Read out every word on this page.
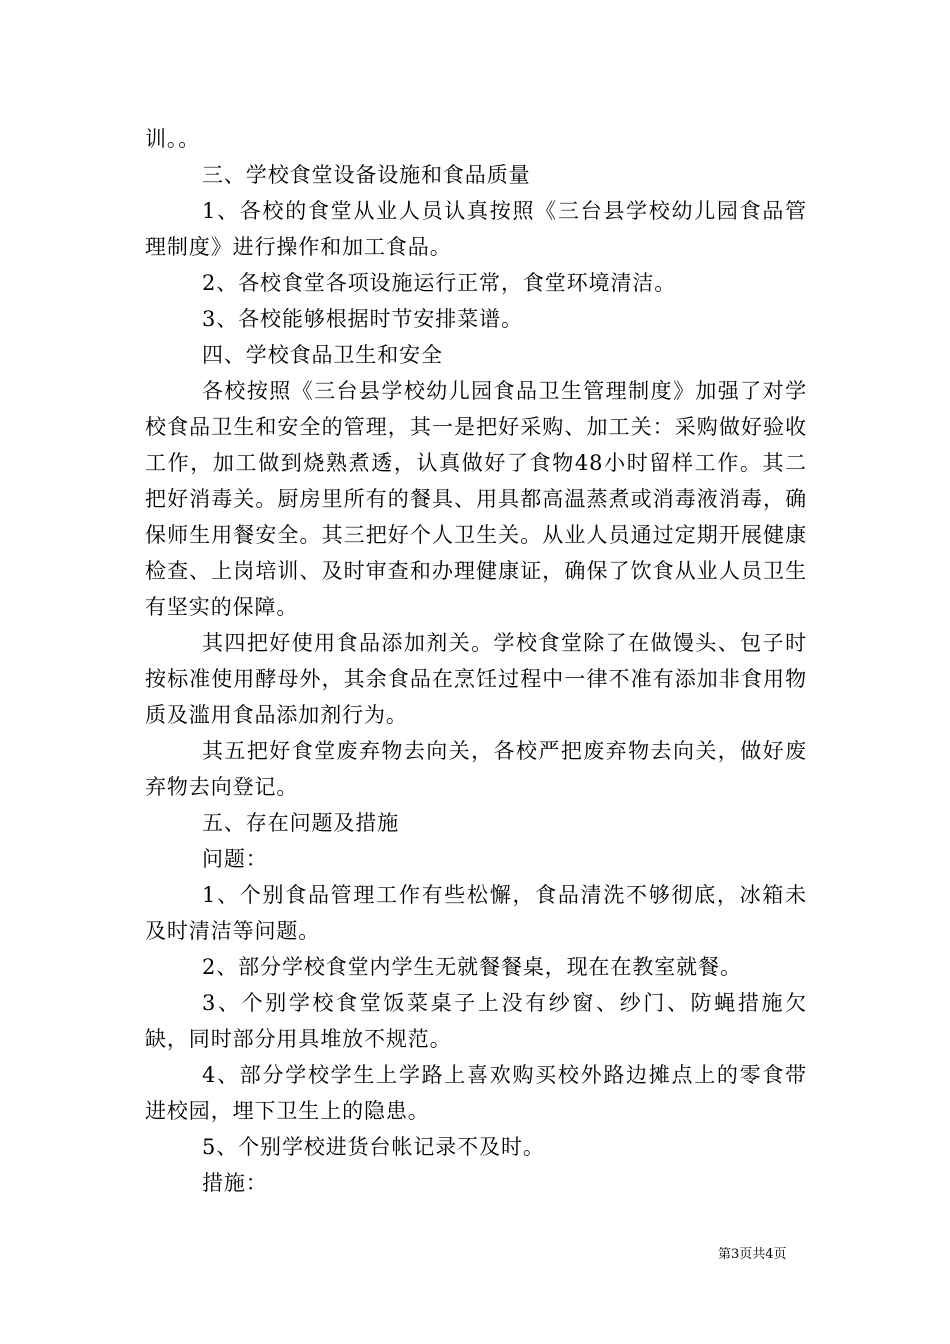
训。。

三、学校食堂设备设施和食品质量

1、各校的食堂从业人员认真按照《三台县学校幼儿园食品管理制度》进行操作和加工食品。

2、各校食堂各项设施运行正常，食堂环境清洁。

3、各校能够根据时节安排菜谱。

四、学校食品卫生和安全

各校按照《三台县学校幼儿园食品卫生管理制度》加强了对学校食品卫生和安全的管理，其一是把好采购、加工关：采购做好验收工作，加工做到烧熟煮透，认真做好了食物48小时留样工作。其二把好消毒关。厨房里所有的餐具、用具都高温蒸煮或消毒液消毒，确保师生用餐安全。其三把好个人卫生关。从业人员通过定期开展健康检查、上岗培训、及时审查和办理健康证，确保了饮食从业人员卫生有坚实的保障。

其四把好使用食品添加剂关。学校食堂除了在做馒头、包子时按标准使用酵母外，其余食品在烹饪过程中一律不准有添加非食用物质及滥用食品添加剂行为。

其五把好食堂废弃物去向关，各校严把废弃物去向关，做好废弃物去向登记。

五、存在问题及措施

问题：

1、个别食品管理工作有些松懈，食品清洗不够彻底，冰箱未及时清洁等问题。

2、部分学校食堂内学生无就餐餐桌，现在在教室就餐。

3、个别学校食堂饭菜桌子上没有纱窗、纱门、防蝇措施欠缺，同时部分用具堆放不规范。

4、部分学校学生上学路上喜欢购买校外路边摊点上的零食带进校园，埋下卫生上的隐患。

5、个别学校进货台帐记录不及时。

措施：

第3页共4页
